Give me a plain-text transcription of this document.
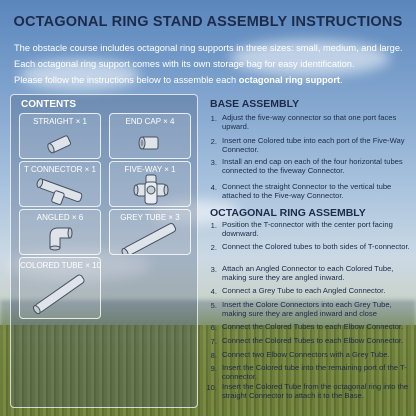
OCTAGONAL RING STAND ASSEMBLY INSTRUCTIONS
The obstacle course includes octagonal ring supports in three sizes: small, medium, and large.
Each octagonal ring support comes with its own storage bag for easy identification.
Please follow the instructions below to assemble each octagonal ring support.
CONTENTS
STRAIGHT × 1	END CAP × 4
T CONNECTOR × 1	FIVE-WAY × 1
ANGLED × 6	GREY TUBE × 3
COLORED TUBE × 10
BASE ASSEMBLY
1. Adjust the five-way connector so that one port faces upward.
2. Insert one Colored tube into each port of the Five-Way Connector.
3. Install an end cap on each of the four horizontal tubes connected to the fiveway Connector.
4. Connect the straight Connector to the vertical tube attached to the Five-way Connector.
OCTAGONAL RING ASSEMBLY
1. Position the T-connector with the center port facing downward.
2. Connect the Colored tubes to both sides of T-connector.
3. Attach an Angled Connector to each Colored Tube, making sure they are angled inward.
4. Connect a Grey Tube to each Angled Connector.
5. Insert the Colore Connectors into each Grey Tube, making sure they are angled inward and close
6. Connect the Colored Tubes to each Elbow Connector.
7. Connect the Colored Tubes to each Elbow Connector.
8. Connect two Elbow Connectors with a Grey Tube.
9. Insert the Colored tube into the remaining port of the T-connector.
10. Insert the Colored Tube from the octagonal ring into the straight Connector to attach it to the Base.
